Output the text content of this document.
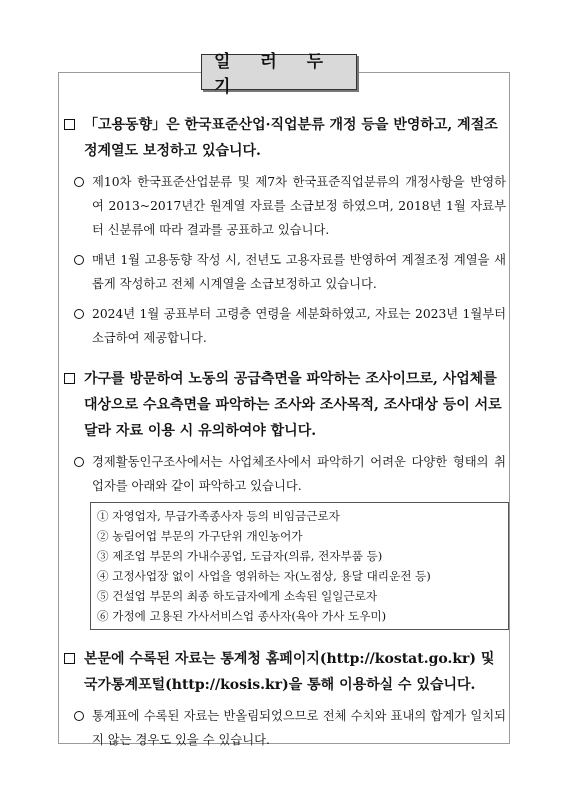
일 러 두 기
「고용동향」은 한국표준산업·직업분류 개정 등을 반영하고, 계절조정계열도 보정하고 있습니다.
제10차 한국표준산업분류 및 제7차 한국표준직업분류의 개정사항을 반영하여 2013~2017년간 원계열 자료를 소급보정 하였으며, 2018년 1월 자료부터 신분류에 따라 결과를 공표하고 있습니다.
매년 1월 고용동향 작성 시, 전년도 고용자료를 반영하여 계절조정 계열을 새롭게 작성하고 전체 시계열을 소급보정하고 있습니다.
2024년 1월 공표부터 고령층 연령을 세분화하였고, 자료는 2023년 1월부터 소급하여 제공합니다.
가구를 방문하여 노동의 공급측면을 파악하는 조사이므로, 사업체를 대상으로 수요측면을 파악하는 조사와 조사목적, 조사대상 등이 서로 달라 자료 이용 시 유의하여야 합니다.
경제활동인구조사에서는 사업체조사에서 파악하기 어려운 다양한 형태의 취업자를 아래와 같이 파악하고 있습니다.
① 자영업자, 무급가족종사자 등의 비임금근로자
② 농림어업 부문의 가구단위 개인농어가
③ 제조업 부문의 가내수공업, 도급자(의류, 전자부품 등)
④ 고정사업장 없이 사업을 영위하는 자(노점상, 용달 대리운전 등)
⑤ 건설업 부문의 최종 하도급자에게 소속된 일일근로자
⑥ 가정에 고용된 가사서비스업 종사자(육아 가사 도우미)
본문에 수록된 자료는 통계청 홈페이지(http://kostat.go.kr) 및 국가통계포털(http://kosis.kr)을 통해 이용하실 수 있습니다.
통계표에 수록된 자료는 반올림되었으므로 전체 수치와 표내의 합계가 일치되지 않는 경우도 있을 수 있습니다.
